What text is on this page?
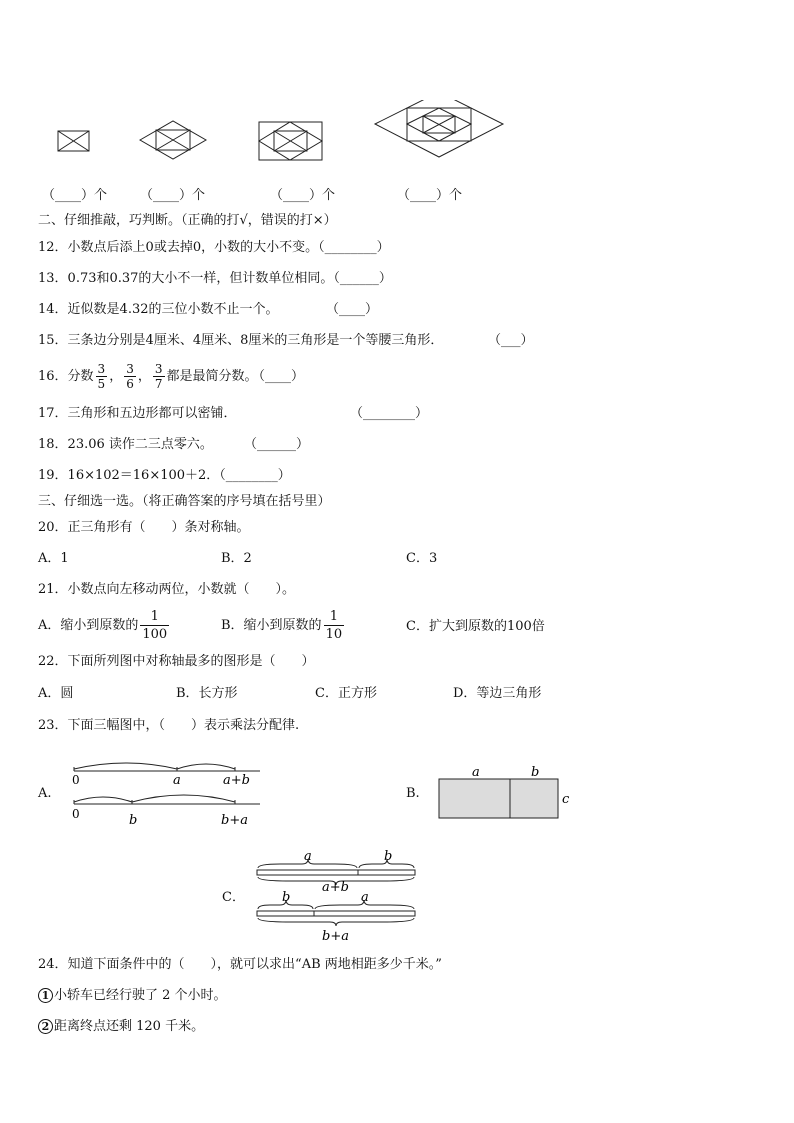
（____）个	（____）个	（____）个	（____）个
二、仔细推敲，巧判断。（正确的打√，错误的打×）
12．小数点后添上0或去掉0，小数的大小不变。（________）
13．0.73和0.37的大小不一样，但计数单位相同。（______）
14．近似数是4.32的三位小数不止一个。	（____）
15．三条边分别是4厘米、4厘米、8厘米的三角形是一个等腰三角形．	（___）
16．分数 $\frac{3}{5}$ ， $\frac{3}{6}$ ， $\frac{3}{7}$ 都是最简分数。
（____）
17．三角形和五边形都可以密铺．	（________）
18．23.06 读作二三点零六。 （______）
19．16×102＝16×100＋2．（________）
三、仔细选一选。（将正确答案的序号填在括号里）
20．正三角形有（　　）条对称轴。
A．1	B．2	C．3
21．小数点向左移动两位，小数就（　　）。
A．缩小到原数的 $\frac{1}{100}$	B．缩小到原数的 $\frac{1}{10}$	C．扩大到原数的100倍
22．下面所列图中对称轴最多的图形是（　　）
A．圆	B．长方形	C．正方形	D．等边三角形
23．下面三幅图中，（　　）表示乘法分配律.
A.
0	a	a+b
0	b	b+a
B.
a	b
c
C．
a	b
a+b
b	a
b+a
24．知道下面条件中的（　　），就可以求出“AB 两地相距多少千米。”
1 小轿车已经行驶了 2 个小时。
2 距离终点还剩 120 千米。
